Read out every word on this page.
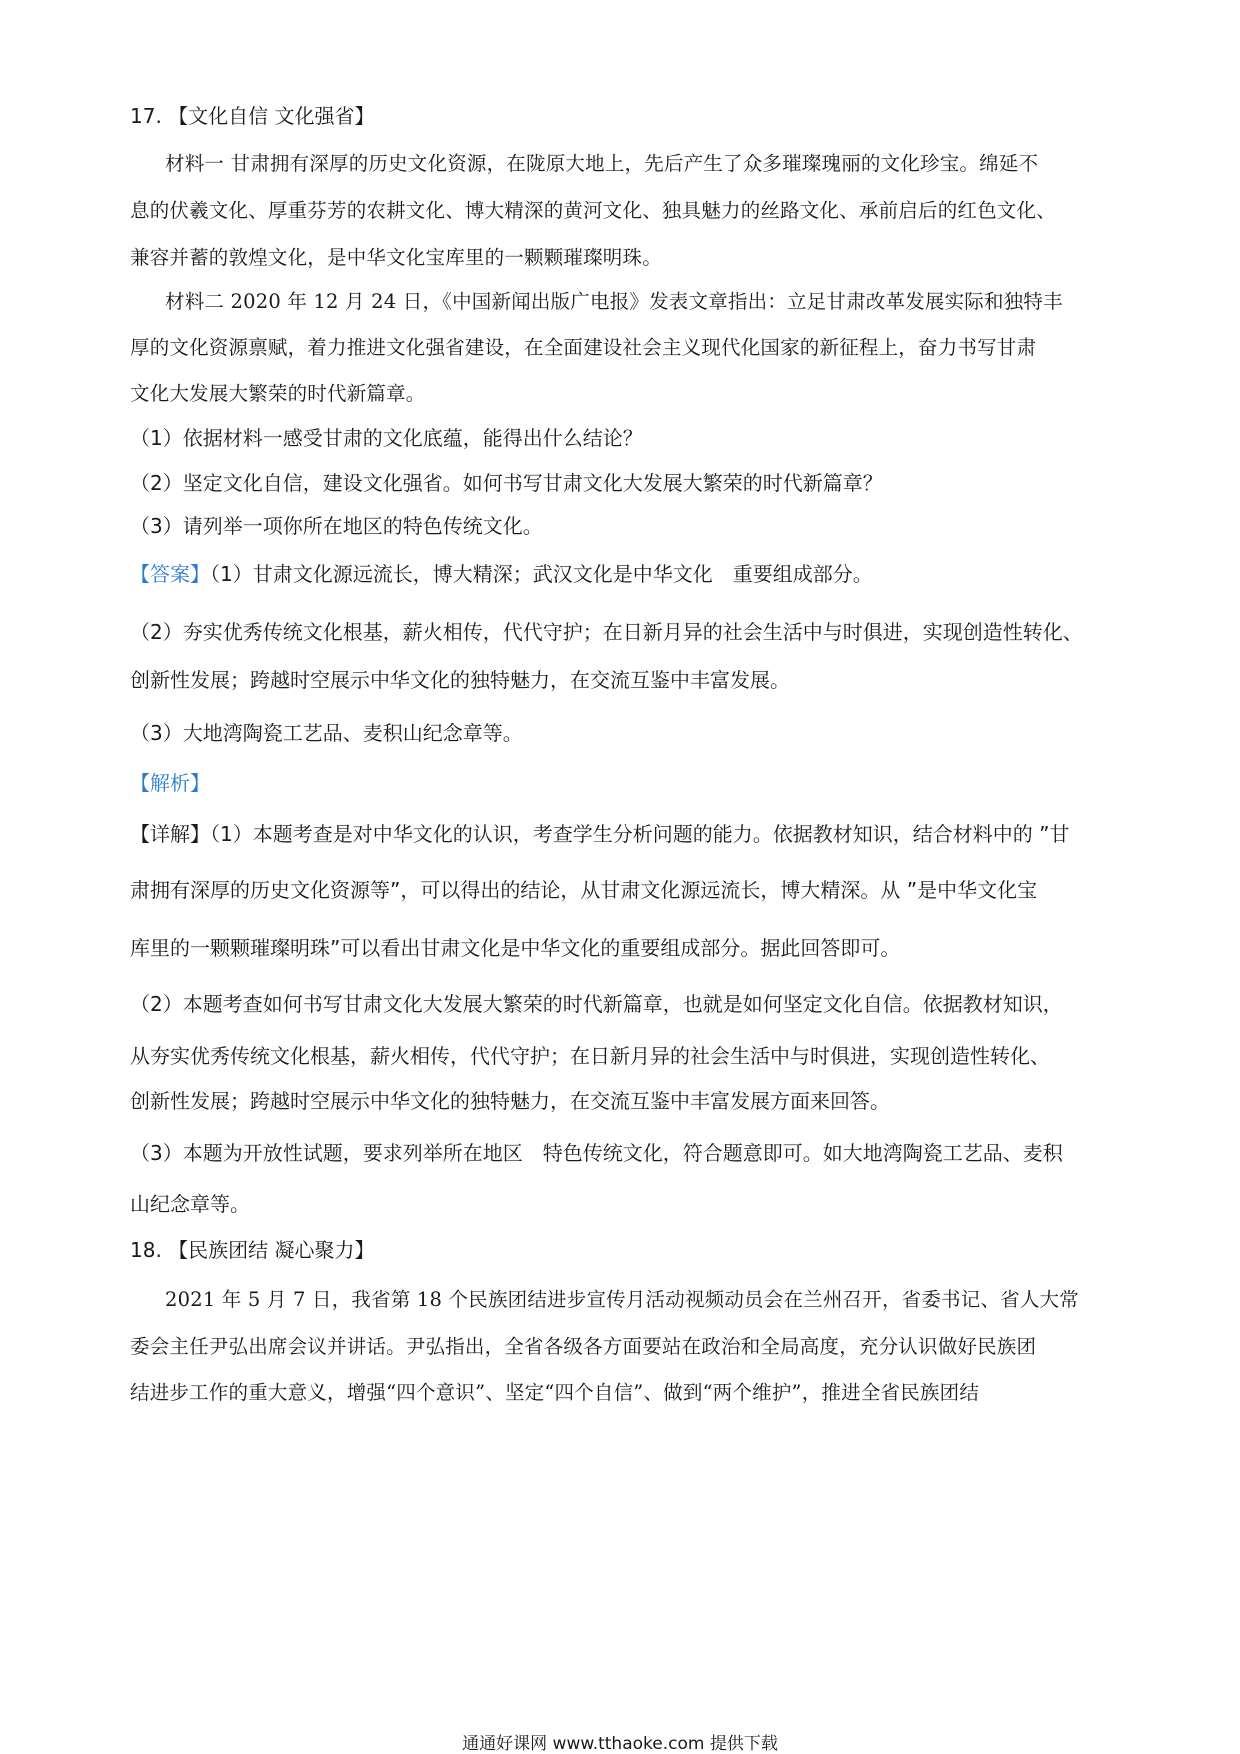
17. 【文化自信 文化强省】
材料一 甘肃拥有深厚的历史文化资源，在陇原大地上，先后产生了众多璀璨瑰丽的文化珍宝。绵延不
息的伏羲文化、厚重芬芳的农耕文化、博大精深的黄河文化、独具魅力的丝路文化、承前启后的红色文化、
兼容并蓄的敦煌文化，是中华文化宝库里的一颗颗璀璨明珠。
材料二 2020 年 12 月 24 日，《中国新闻出版广电报》发表文章指出：立足甘肃改革发展实际和独特丰
厚的文化资源禀赋，着力推进文化强省建设，在全面建设社会主义现代化国家的新征程上，奋力书写甘肃
文化大发展大繁荣的时代新篇章。
（1）依据材料一感受甘肃的文化底蕴，能得出什么结论？
（2）坚定文化自信，建设文化强省。如何书写甘肃文化大发展大繁荣的时代新篇章？
（3）请列举一项你所在地区的特色传统文化。
【答案】（1）甘肃文化源远流长，博大精深；武汉文化是中华文化　重要组成部分。
（2）夯实优秀传统文化根基，薪火相传，代代守护；在日新月异的社会生活中与时俱进，实现创造性转化、
创新性发展；跨越时空展示中华文化的独特魅力，在交流互鉴中丰富发展。
（3）大地湾陶瓷工艺品、麦积山纪念章等。
【解析】
【详解】（1）本题考查是对中华文化的认识，考查学生分析问题的能力。依据教材知识，结合材料中的 ”甘
肃拥有深厚的历史文化资源等”，可以得出的结论，从甘肃文化源远流长，博大精深。从 ”是中华文化宝
库里的一颗颗璀璨明珠”可以看出甘肃文化是中华文化的重要组成部分。据此回答即可。
（2）本题考查如何书写甘肃文化大发展大繁荣的时代新篇章，也就是如何坚定文化自信。依据教材知识，
从夯实优秀传统文化根基，薪火相传，代代守护；在日新月异的社会生活中与时俱进，实现创造性转化、
创新性发展；跨越时空展示中华文化的独特魅力，在交流互鉴中丰富发展方面来回答。
（3）本题为开放性试题，要求列举所在地区　特色传统文化，符合题意即可。如大地湾陶瓷工艺品、麦积
山纪念章等。
18. 【民族团结 凝心聚力】
2021 年 5 月 7 日，我省第 18 个民族团结进步宣传月活动视频动员会在兰州召开，省委书记、省人大常
委会主任尹弘出席会议并讲话。尹弘指出，全省各级各方面要站在政治和全局高度，充分认识做好民族团
结进步工作的重大意义，增强“四个意识”、坚定“四个自信”、做到“两个维护”，推进全省民族团结
通通好课网 www.tthaoke.com 提供下载
